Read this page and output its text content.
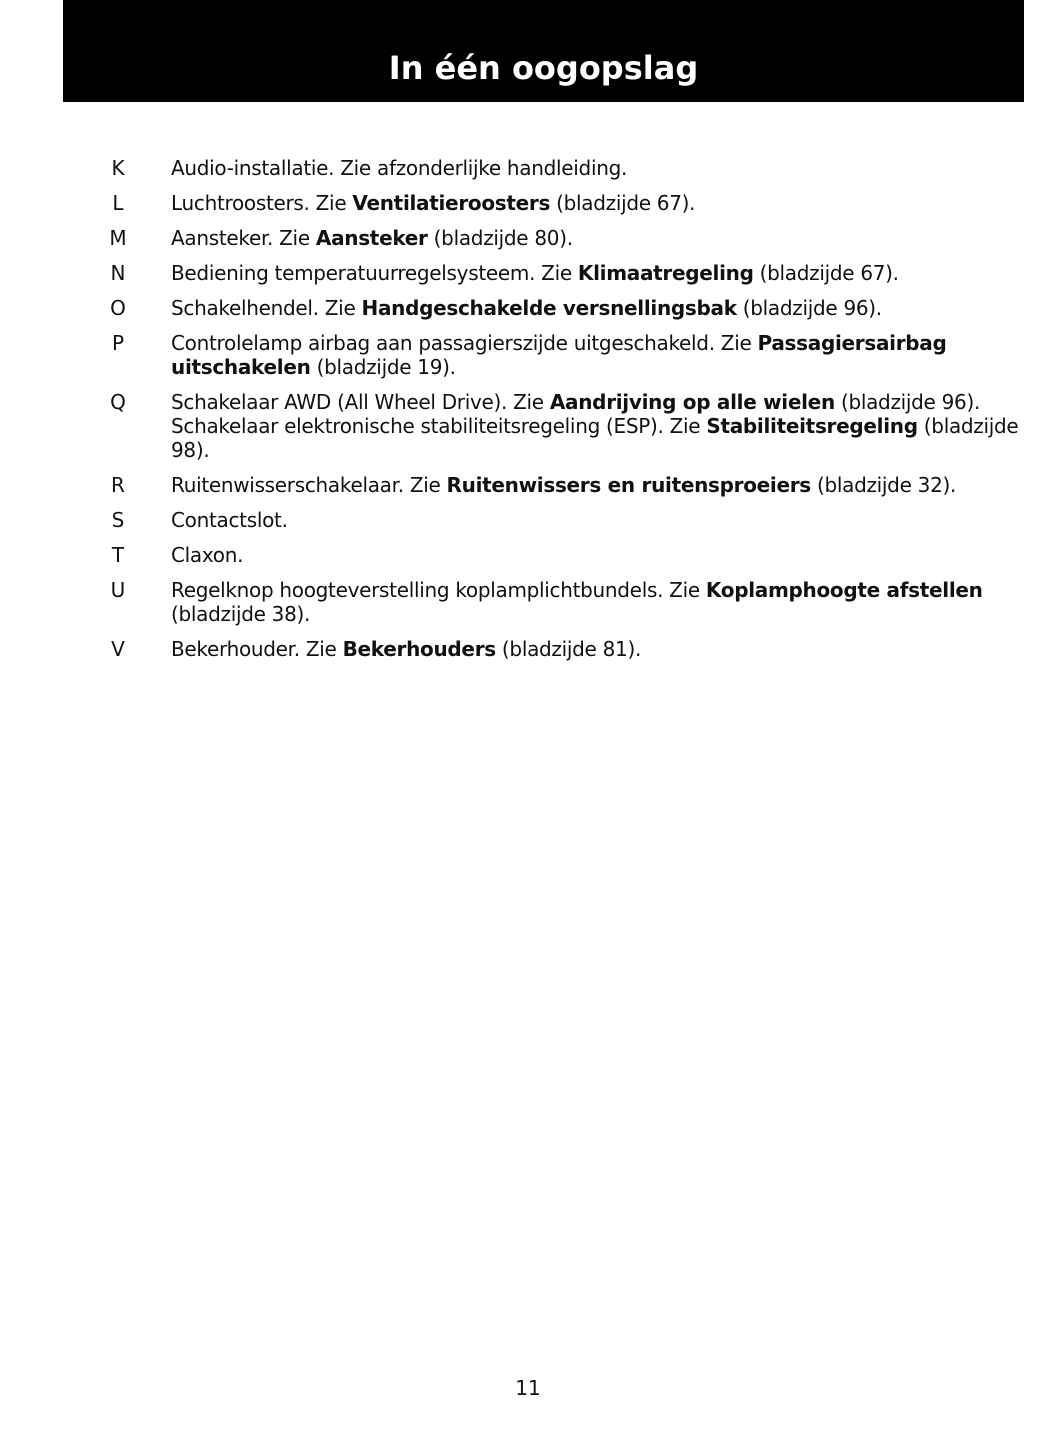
In één oogopslag
K	Audio-installatie. Zie afzonderlijke handleiding.
L	Luchtroosters. Zie Ventilatieroosters (bladzijde 67).
M Aansteker. Zie Aansteker (bladzijde 80).
N Bediening temperatuurregelsysteem. Zie Klimaatregeling (bladzijde 67).
O Schakelhendel. Zie Handgeschakelde versnellingsbak (bladzijde 96).
P	Controlelamp airbag aan passagierszijde uitgeschakeld. Zie Passagiersairbag uitschakelen (bladzijde 19).
Q Schakelaar AWD (All Wheel Drive). Zie Aandrijving op alle wielen (bladzijde 96). Schakelaar elektronische stabiliteitsregeling (ESP). Zie Stabiliteitsregeling (bladzijde 98).
R	Ruitenwisserschakelaar. Zie Ruitenwissers en ruitensproeiers (bladzijde 32).
S	Contactslot.
T	Claxon.
U Regelknop hoogteverstelling koplamplichtbundels. Zie Koplamphoogte afstellen (bladzijde 38).
V	Bekerhouder. Zie Bekerhouders (bladzijde 81).
11
